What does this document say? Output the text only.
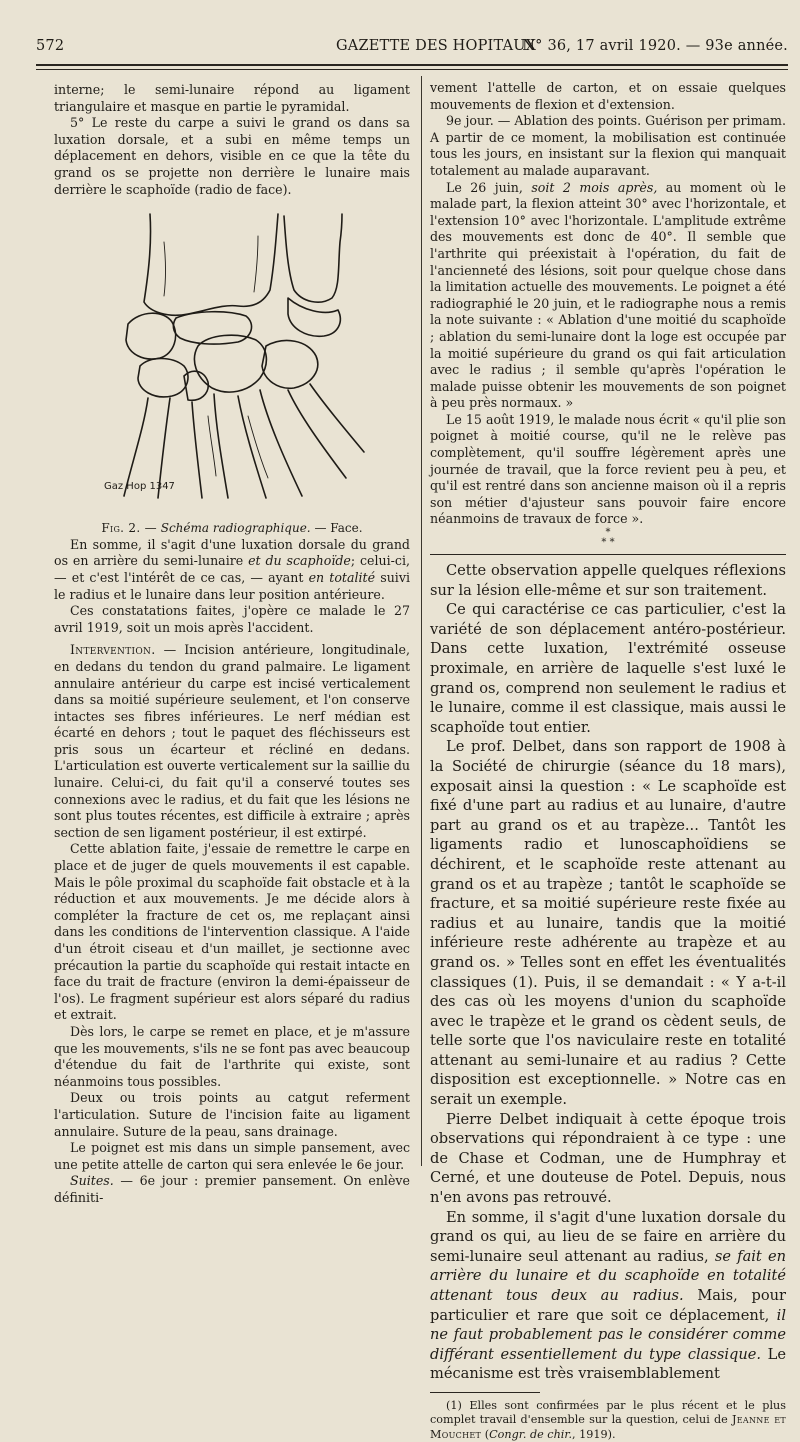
572	GAZETTE DES HOPITAUX
N° 36, 17 avril 1920. — 93e année.

interne; le semi-lunaire répond au ligament triangulaire et masque en partie le pyramidal.

5° Le reste du carpe a suivi le grand os dans sa luxation dorsale, et a subi en même temps un déplacement en dehors, visible en ce que la tête du grand os se projette non derrière le lunaire mais derrière le scaphoïde (radio de face).

Gaz Hop 1347

Fig. 2. — Schéma radiographique. — Face.

En somme, il s'agit d'une luxation dorsale du grand os en arrière du semi-lunaire et du scaphoïde; celui-ci, — et c'est l'intérêt de ce cas, — ayant en totalité suivi le radius et le lunaire dans leur position antérieure.

Ces constatations faites, j'opère ce malade le 27 avril 1919, soit un mois après l'accident.

Intervention. — Incision antérieure, longitudinale, en dedans du tendon du grand palmaire. Le ligament annulaire antérieur du carpe est incisé verticalement dans sa moitié supérieure seulement, et l'on conserve intactes ses fibres inférieures. Le nerf médian est écarté en dehors ; tout le paquet des fléchisseurs est pris sous un écarteur et récliné en dedans. L'articulation est ouverte verticalement sur la saillie du lunaire. Celui-ci, du fait qu'il a conservé toutes ses connexions avec le radius, et du fait que les lésions ne sont plus toutes récentes, est difficile à extraire ; après section de sen ligament postérieur, il est extirpé.

Cette ablation faite, j'essaie de remettre le carpe en place et de juger de quels mouvements il est capable. Mais le pôle proximal du scaphoïde fait obstacle et à la réduction et aux mouvements. Je me décide alors à compléter la fracture de cet os, me replaçant ainsi dans les conditions de l'intervention classique. A l'aide d'un étroit ciseau et d'un maillet, je sectionne avec précaution la partie du scaphoïde qui restait intacte en face du trait de fracture (environ la demi-épaisseur de l'os). Le fragment supérieur est alors séparé du radius et extrait.

Dès lors, le carpe se remet en place, et je m'assure que les mouvements, s'ils ne se font pas avec beaucoup d'étendue du fait de l'arthrite qui existe, sont néanmoins tous possibles.

Deux ou trois points au catgut referment l'articulation. Suture de l'incision faite au ligament annulaire. Suture de la peau, sans drainage.

Le poignet est mis dans un simple pansement, avec une petite attelle de carton qui sera enlevée le 6e jour.

Suites. — 6e jour : premier pansement. On enlève définiti-

vement l'attelle de carton, et on essaie quelques mouvements de flexion et d'extension.

9e jour. — Ablation des points. Guérison per primam. A partir de ce moment, la mobilisation est continuée tous les jours, en insistant sur la flexion qui manquait totalement au malade auparavant.

Le 26 juin, soit 2 mois après, au moment où le malade part, la flexion atteint 30° avec l'horizontale, et l'extension 10° avec l'horizontale. L'amplitude extrême des mouvements est donc de 40°. Il semble que l'arthrite qui préexistait à l'opération, du fait de l'ancienneté des lésions, soit pour quelque chose dans la limitation actuelle des mouvements. Le poignet a été radiographié le 20 juin, et le radiographe nous a remis la note suivante : « Ablation d'une moitié du scaphoïde ; ablation du semi-lunaire dont la loge est occupée par la moitié supérieure du grand os qui fait articulation avec le radius ; il semble qu'après l'opération le malade puisse obtenir les mouvements de son poignet à peu près normaux. »

Le 15 août 1919, le malade nous écrit « qu'il plie son poignet à moitié course, qu'il ne le relève pas complètement, qu'il souffre légèrement après une journée de travail, que la force revient peu à peu, et qu'il est rentré dans son ancienne maison où il a repris son métier d'ajusteur sans pouvoir faire encore néanmoins de travaux de force ».

*
* *

Cette observation appelle quelques réflexions sur la lésion elle-même et sur son traitement.

Ce qui caractérise ce cas particulier, c'est la variété de son déplacement antéro-postérieur. Dans cette luxation, l'extrémité osseuse proximale, en arrière de laquelle s'est luxé le grand os, comprend non seulement le radius et le lunaire, comme il est classique, mais aussi le scaphoïde tout entier.

Le prof. Delbet, dans son rapport de 1908 à la Société de chirurgie (séance du 18 mars), exposait ainsi la question : « Le scaphoïde est fixé d'une part au radius et au lunaire, d'autre part au grand os et au trapèze... Tantôt les ligaments radio et lunoscaphoïdiens se déchirent, et le scaphoïde reste attenant au grand os et au trapèze ; tantôt le scaphoïde se fracture, et sa moitié supérieure reste fixée au radius et au lunaire, tandis que la moitié inférieure reste adhérente au trapèze et au grand os. » Telles sont en effet les éventualités classiques (1). Puis, il se demandait : « Y a-t-il des cas où les moyens d'union du scaphoïde avec le trapèze et le grand os cèdent seuls, de telle sorte que l'os naviculaire reste en totalité attenant au semi-lunaire et au radius ? Cette disposition est exceptionnelle. » Notre cas en serait un exemple.

Pierre Delbet indiquait à cette époque trois observations qui répondraient à ce type : une de Chase et Codman, une de Humphray et Cerné, et une douteuse de Potel. Depuis, nous n'en avons pas retrouvé.

En somme, il s'agit d'une luxation dorsale du grand os qui, au lieu de se faire en arrière du semi-lunaire seul attenant au radius, se fait en arrière du lunaire et du scaphoïde en totalité attenant tous deux au radius. Mais, pour particulier et rare que soit ce déplacement, il ne faut probablement pas le considérer comme différant essentiellement du type classique. Le mécanisme est très vraisemblablement

(1) Elles sont confirmées par le plus récent et le plus complet travail d'ensemble sur la question, celui de Jeanne et Mouchet (Congr. de chir., 1919).
